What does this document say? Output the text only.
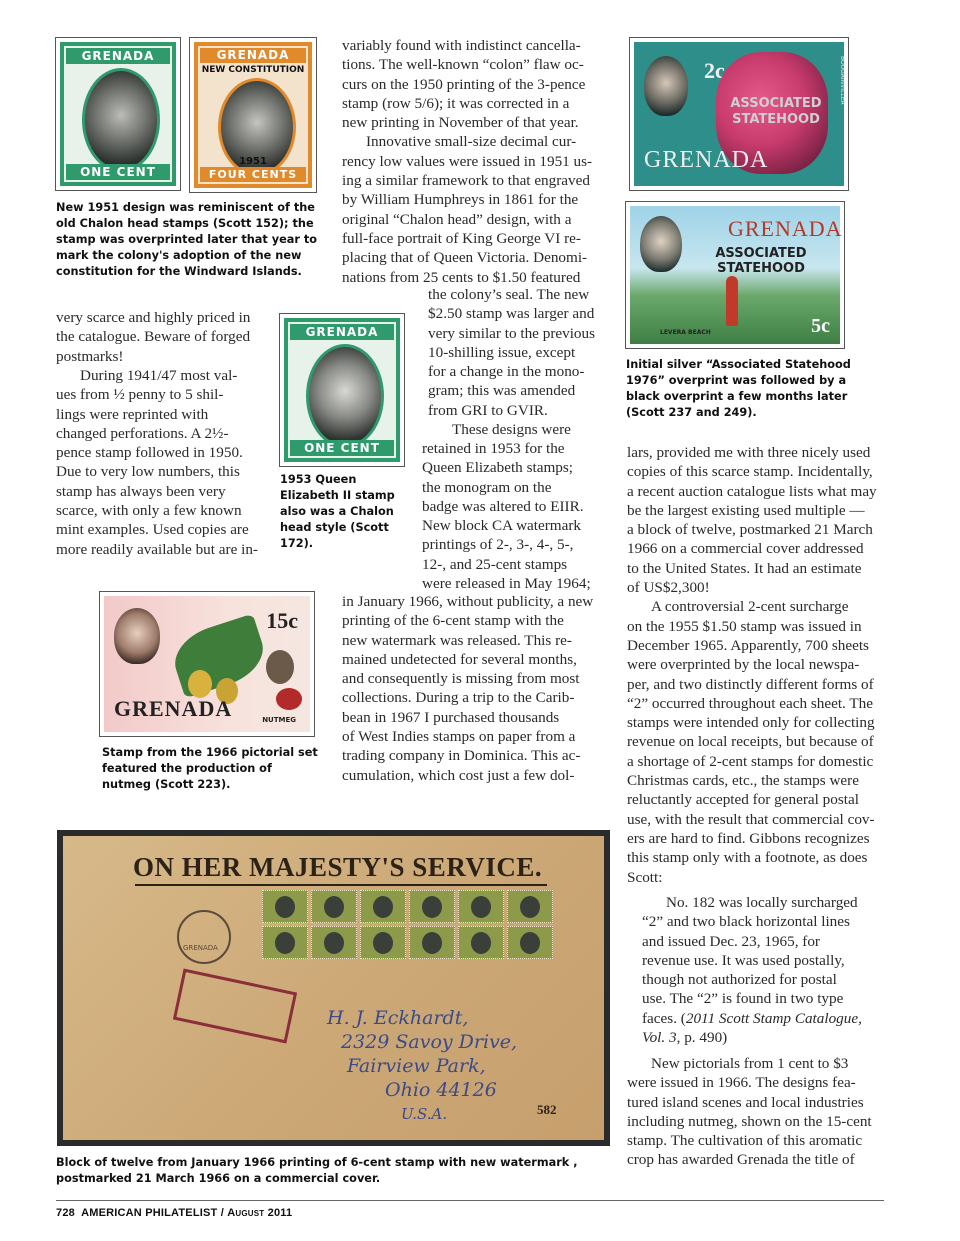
GRENADA
ONE CENT
GRENADA
NEW CONSTITUTION
1951
FOUR CENTS
New 1951 design was reminiscent of the old Chalon head stamps (Scott 152); the stamp was overprinted later that year to mark the colony's adoption of the new constitution for the Windward Islands.
very scarce and highly priced in
the catalogue. Beware of forged
postmarks!
During 1941/47 most val-
ues from ½ penny to 5 shil-
lings were reprinted with
changed perforations. A 2½-
pence stamp followed in 1950.
Due to very low numbers, this
stamp has always been very
scarce, with only a few known
mint examples. Used copies are
more readily available but are in-
GRENADA
ONE CENT
1953 Queen Elizabeth II stamp also was a Chalon head style (Scott 172).
15c
GRENADA	NUTMEG
Stamp from the 1966 pictorial set featured the production of nutmeg (Scott 223).
variably found with indistinct cancella-
tions. The well-known “colon” flaw oc-
curs on the 1950 printing of the 3-pence
stamp (row 5/6); it was corrected in a
new printing in November of that year.
Innovative small-size decimal cur-
rency low values were issued in 1951 us-
ing a similar framework to that engraved
by William Humphreys in 1861 for the
original “Chalon head” design, with a
full-face portrait of King George VI re-
placing that of Queen Victoria. Denomi-
nations from 25 cents to $1.50 featured
the colony’s seal. The new
$2.50 stamp was larger and
very similar to the previous
10-shilling issue, except
for a change in the mono-
gram; this was amended
from GRI to GVIR.
These designs were
retained in 1953 for the
Queen Elizabeth stamps;
the monogram on the
badge was altered to EIIR.
New block CA watermark
printings of 2-, 3-, 4-, 5-,
12-, and 25-cent stamps
were released in May 1964;
in January 1966, without publicity, a new
printing of the 6-cent stamp with the
new watermark was released. This re-
mained undetected for several months,
and consequently is missing from most
collections. During a trip to the Carib-
bean in 1967 I purchased thousands
of West Indies stamps on paper from a
trading company in Dominica. This ac-
cumulation, which cost just a few dol-
2c
ASSOCIATED STATEHOOD
BOUGAINVILLEA
GRENADA
GRENADA
ASSOCIATED STATEHOOD
LEVERA BEACH	5c
Initial silver “Associated Statehood 1976” overprint was followed by a black overprint a few months later (Scott 237 and 249).
lars, provided me with three nicely used
copies of this scarce stamp. Incidentally,
a recent auction catalogue lists what may
be the largest existing used multiple —
a block of twelve, postmarked 21 March
1966 on a commercial cover addressed
to the United States. It had an estimate
of US$2,300!
A controversial 2-cent surcharge
on the 1955 $1.50 stamp was issued in
December 1965. Apparently, 700 sheets
were overprinted by the local newspa-
per, and two distinctly different forms of
“2” occurred throughout each sheet. The
stamps were intended only for collecting
revenue on local receipts, but because of
a shortage of 2-cent stamps for domestic
Christmas cards, etc., the stamps were
reluctantly accepted for general postal
use, with the result that commercial cov-
ers are hard to find. Gibbons recognizes
this stamp only with a footnote, as does
Scott:
No. 182 was locally surcharged
“2” and two black horizontal lines
and issued Dec. 23, 1965, for
revenue use. It was used postally,
though not authorized for postal
use. The “2” is found in two type
faces. (2011 Scott Stamp Catalogue, Vol. 3, p. 490)
New pictorials from 1 cent to $3
were issued in 1966. The designs fea-
tured island scenes and local industries
including nutmeg, shown on the 15-cent
stamp. The cultivation of this aromatic
crop has awarded Grenada the title of
ON HER MAJESTY'S SERVICE.
GRENADA
H. J. Eckhardt,
2329 Savoy Drive,
Fairview Park,
Ohio 44126
U.S.A.	582
Block of twelve from January 1966 printing of 6-cent stamp with new watermark , postmarked 21 March 1966 on a commercial cover.
728 AMERICAN PHILATELIST / August 2011
